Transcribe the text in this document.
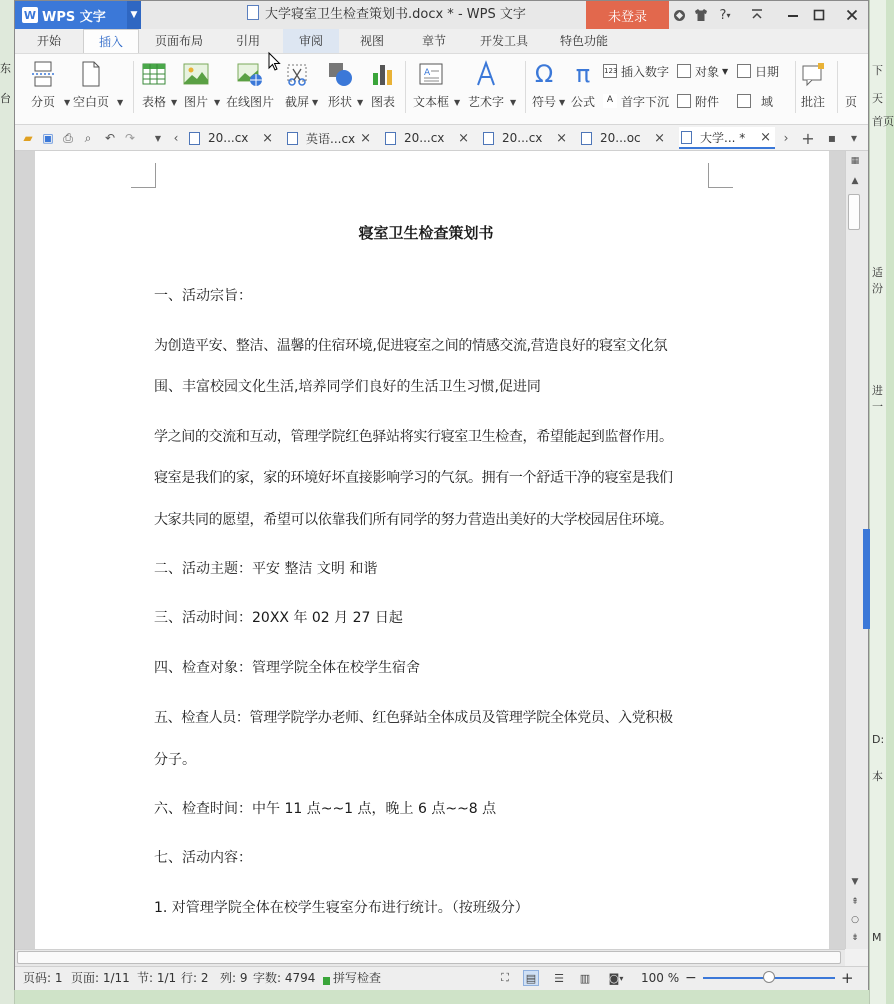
适
汾
进
一
D:
本
M
下
天
首页
东
台
W WPS 文字	▼	大学寝室卫生检查策划书.docx * - WPS 文字	未登录	? ▾
开始	插入	页面布局	引用	审阅	视图	章节	开发工具	特色功能
分页 ▼ 空白页 ▼ 表格 ▼ 图片 ▼ 在线图片 截屏 ▼ 形状 ▼ 图表
A
文本框 ▼ 艺术字 ▼
Ω
符号 ▼
π
公式
123 插入数字
A 首字下沉
对象 ▼
附件
日期
域 批注 页
▰ ▣ ⎙ ⌕	↶ ↷	▼	‹	20...cx ×	英语...cx ×	20...cx ×	20...cx ×	20...oc ×	大学... * ×	› +	▪	▾
寝室卫生检查策划书
一、活动宗旨：
为创造平安、整洁、温馨的住宿环境,促进寝室之间的情感交流,营造良好的寝室文化氛
围、丰富校园文化生活,培养同学们良好的生活卫生习惯,促进同
学之间的交流和互动，管理学院红色驿站将实行寝室卫生检查，希望能起到监督作用。
寝室是我们的家，家的环境好坏直接影响学习的气氛。拥有一个舒适干净的寝室是我们
大家共同的愿望，希望可以依靠我们所有同学的努力营造出美好的大学校园居住环境。
二、活动主题：平安 整洁 文明 和谐
三、活动时间：20XX 年 02 月 27 日起
四、检查对象：管理学院全体在校学生宿舍
五、检查人员：管理学院学办老师、红色驿站全体成员及管理学院全体党员、入党积极
分子。
六、检查时间：中午 11 点~~1 点，晚上 6 点~~8 点
七、活动内容：
1. 对管理学院全体在校学生寝室分布进行统计。（按班级分）
▦
▲
▼
⇞
○
⇟
页码: 1 页面: 1/11 节: 1/1 行: 2 列: 9 字数: 4794 拼写检查	⛶	▤ ☰ ▥	◙ ▾ 100 % −	+
